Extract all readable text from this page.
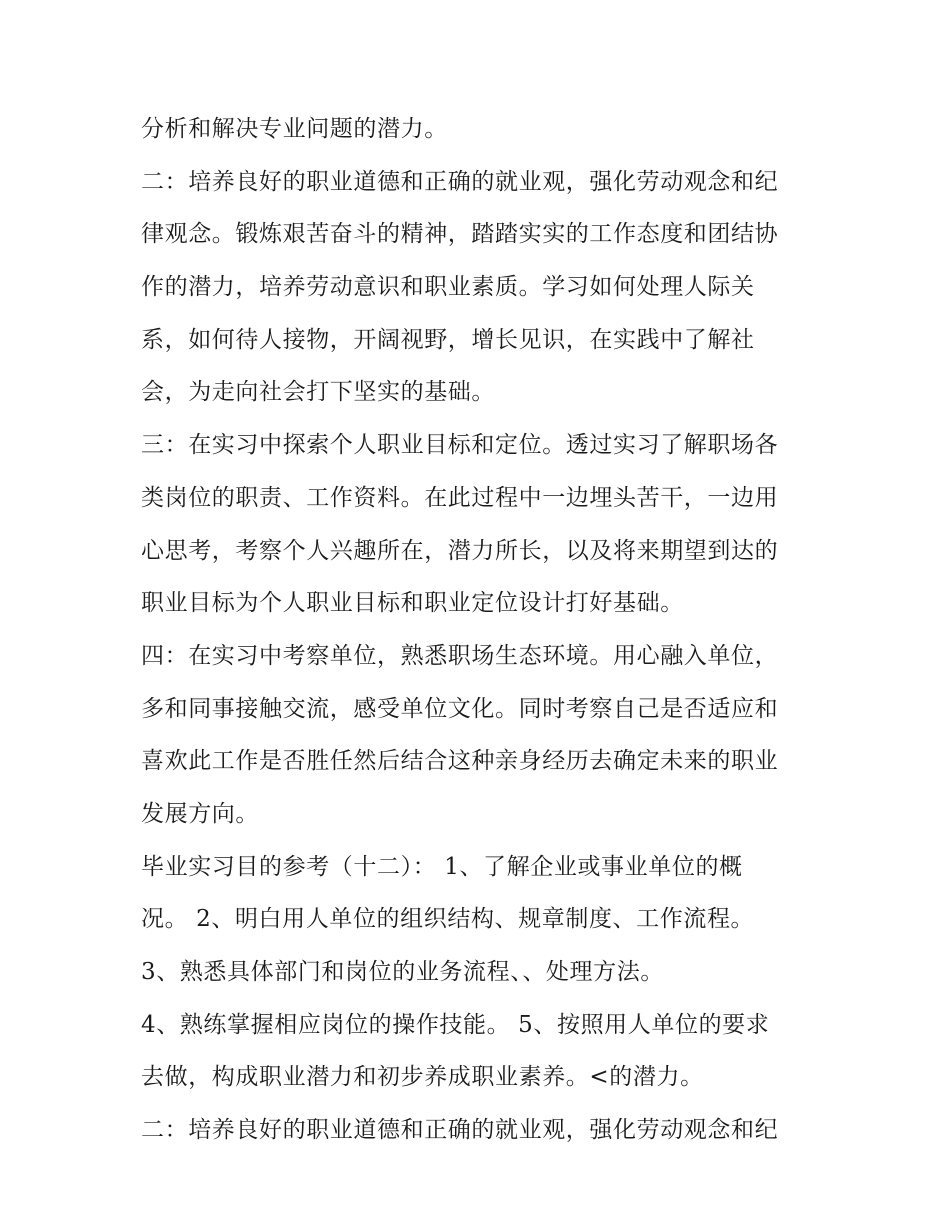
分析和解决专业问题的潜力。
二：培养良好的职业道德和正确的就业观，强化劳动观念和纪
律观念。锻炼艰苦奋斗的精神，踏踏实实的工作态度和团结协
作的潜力，培养劳动意识和职业素质。学习如何处理人际关
系，如何待人接物，开阔视野，增长见识，在实践中了解社
会，为走向社会打下坚实的基础。
三：在实习中探索个人职业目标和定位。透过实习了解职场各
类岗位的职责、工作资料。在此过程中一边埋头苦干，一边用
心思考，考察个人兴趣所在，潜力所长，以及将来期望到达的
职业目标为个人职业目标和职业定位设计打好基础。
四：在实习中考察单位，熟悉职场生态环境。用心融入单位，
多和同事接触交流，感受单位文化。同时考察自己是否适应和
喜欢此工作是否胜任然后结合这种亲身经历去确定未来的职业
发展方向。
毕业实习目的参考（十二）： 1、了解企业或事业单位的概
况。 2、明白用人单位的组织结构、规章制度、工作流程。
3、熟悉具体部门和岗位的业务流程、、处理方法。
4、熟练掌握相应岗位的操作技能。 5、按照用人单位的要求
去做，构成职业潜力和初步养成职业素养。<的潜力。
二：培养良好的职业道德和正确的就业观，强化劳动观念和纪
